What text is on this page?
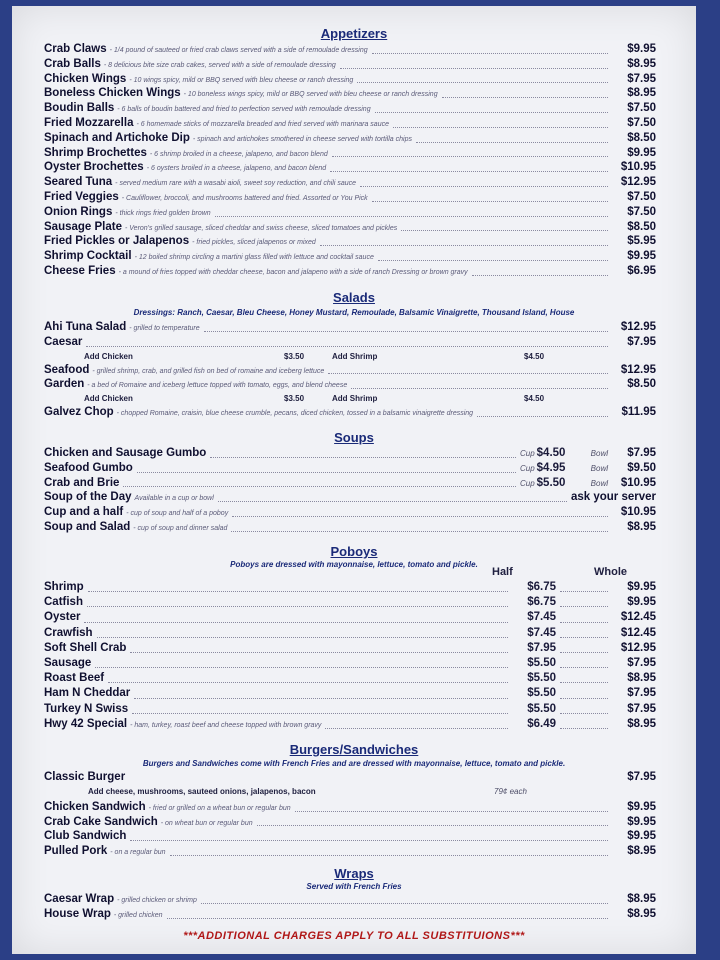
Appetizers
Crab Claws - 1/4 pound of sauteed or fried crab claws served with a side of remoulade dressing	$9.95
Crab Balls - 8 delicious bite size crab cakes, served with a side of remoulade dressing	$8.95
Chicken Wings - 10 wings spicy, mild or BBQ served with bleu cheese or ranch dressing	$7.95
Boneless Chicken Wings - 10 boneless wings spicy, mild or BBQ served with bleu cheese or ranch dressing	$8.95
Boudin Balls - 6 balls of boudin battered and fried to perfection served with remoulade dressing	$7.50
Fried Mozzarella - 6 homemade sticks of mozzarella breaded and fried served with marinara sauce	$7.50
Spinach and Artichoke Dip - spinach and artichokes smothered in cheese served with tortilla chips	$8.50
Shrimp Brochettes - 6 shrimp broiled in a cheese, jalapeno, and bacon blend	$9.95
Oyster Brochettes - 6 oysters broiled in a cheese, jalapeno, and bacon blend	$10.95
Seared Tuna - served medium rare with a wasabi aioli, sweet soy reduction, and chili sauce	$12.95
Fried Veggies - Cauliflower, broccoli, and mushrooms battered and fried. Assorted or You Pick	$7.50
Onion Rings - thick rings fried golden brown	$7.50
Sausage Plate - Veron's grilled sausage, sliced cheddar and swiss cheese, sliced tomatoes and pickles	$8.50
Fried Pickles or Jalapenos - fried pickles, sliced jalapenos or mixed	$5.95
Shrimp Cocktail - 12 boiled shrimp circling a martini glass filled with lettuce and cocktail sauce	$9.95
Cheese Fries - a mound of fries topped with cheddar cheese, bacon and jalapeno with a side of ranch Dressing or brown gravy	$6.95
Salads
Dressings: Ranch, Caesar, Bleu Cheese, Honey Mustard, Remoulade, Balsamic Vinaigrette, Thousand Island, House
Ahi Tuna Salad - grilled to temperature	$12.95
Caesar	$7.95
Add Chicken	$3.50	Add Shrimp	$4.50
Seafood - grilled shrimp, crab, and grilled fish on bed of romaine and iceberg lettuce	$12.95
Garden - a bed of Romaine and iceberg lettuce topped with tomato, eggs, and blend cheese	$8.50
Add Chicken	$3.50	Add Shrimp	$4.50
Galvez Chop - chopped Romaine, craisin, blue cheese crumble, pecans, diced chicken, tossed in a balsamic vinaigrette dressing	$11.95
Soups
Chicken and Sausage Gumbo	Cup $4.50	Bowl	$7.95
Seafood Gumbo	Cup $4.95	Bowl	$9.50
Crab and Brie	Cup $5.50	Bowl	$10.95
Soup of the Day Available in a cup or bowl	ask your server
Cup and a half - cup of soup and half of a poboy	$10.95
Soup and Salad - cup of soup and dinner salad	$8.95
Poboys
Poboys are dressed with mayonnaise, lettuce, tomato and pickle.
Half	Whole
Shrimp	$6.75	$9.95
Catfish	$6.75	$9.95
Oyster	$7.45	$12.45
Crawfish	$7.45	$12.45
Soft Shell Crab	$7.95	$12.95
Sausage	$5.50	$7.95
Roast Beef	$5.50	$8.95
Ham N Cheddar	$5.50	$7.95
Turkey N Swiss	$5.50	$7.95
Hwy 42 Special - ham, turkey, roast beef and cheese topped with brown gravy	$6.49	$8.95
Burgers/Sandwiches
Burgers and Sandwiches come with French Fries and are dressed with mayonnaise, lettuce, tomato and pickle.
Classic Burger	$7.95
Add cheese, mushrooms, sauteed onions, jalapenos, bacon	79¢ each
Chicken Sandwich - fried or grilled on a wheat bun or regular bun	$9.95
Crab Cake Sandwich - on wheat bun or regular bun	$9.95
Club Sandwich	$9.95
Pulled Pork - on a regular bun	$8.95
Wraps
Served with French Fries
Caesar Wrap - grilled chicken or shrimp	$8.95
House Wrap - grilled chicken	$8.95
***ADDITIONAL CHARGES APPLY TO ALL SUBSTITUIONS***
